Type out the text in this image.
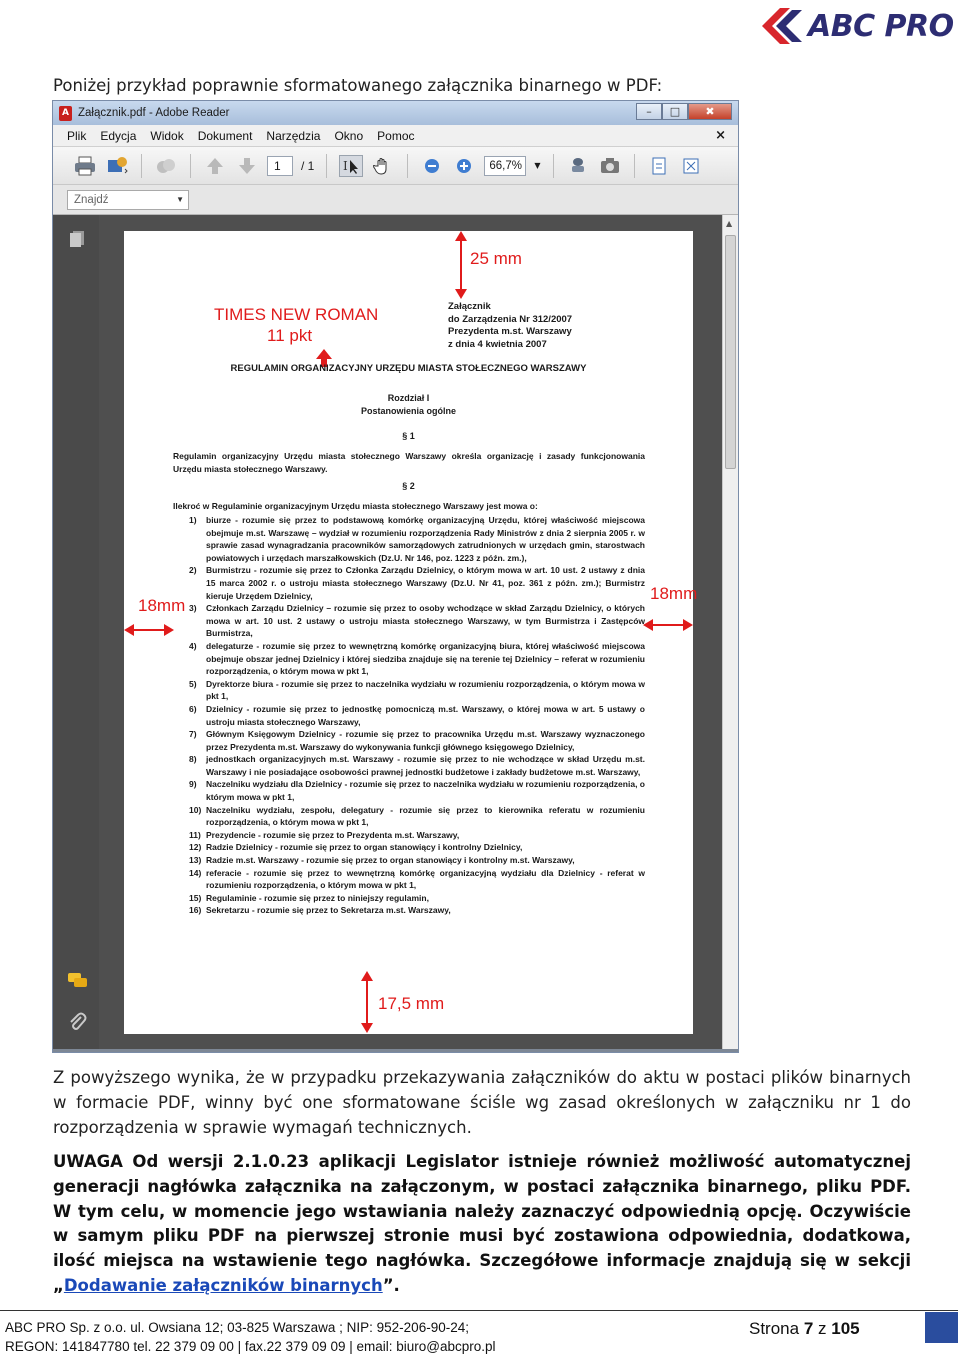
ABC PRO
Poniżej przykład poprawnie sformatowanego załącznika binarnego w PDF:
A Załącznik.pdf - Adobe Reader	–	□	✖
Plik Edycja Widok Dokument Narzędzia Okno Pomoc	×
1	/ 1 I	66,7%	▼
Znajdź	▼
▲
25 mm
TIMES NEW ROMAN
11 pkt
Załącznik
do Zarządzenia Nr 312/2007
Prezydenta m.st. Warszawy
z dnia 4 kwietnia 2007
REGULAMIN ORGANIZACYJNY URZĘDU MIASTA STOŁECZNEGO WARSZAWY
Rozdział I
Postanowienia ogólne
§ 1
Regulamin organizacyjny Urzędu miasta stołecznego Warszawy określa organizację i zasady funkcjonowania Urzędu miasta stołecznego Warszawy.
§ 2
Ilekroć w Regulaminie organizacyjnym Urzędu miasta stołecznego Warszawy jest mowa o:
1)	biurze - rozumie się przez to podstawową komórkę organizacyjną Urzędu, której właściwość miejscowa obejmuje m.st. Warszawę – wydział w rozumieniu rozporządzenia Rady Ministrów z dnia 2 sierpnia 2005 r. w sprawie zasad wynagradzania pracowników samorządowych zatrudnionych w urzędach gmin, starostwach powiatowych i urzędach marszałkowskich (Dz.U. Nr 146, poz. 1223 z późn. zm.),
2)	Burmistrzu - rozumie się przez to Członka Zarządu Dzielnicy, o którym mowa w art. 10 ust. 2 ustawy z dnia 15 marca 2002 r. o ustroju miasta stołecznego Warszawy (Dz.U. Nr 41, poz. 361 z późn. zm.); Burmistrz kieruje Urzędem Dzielnicy,
3)	Członkach Zarządu Dzielnicy – rozumie się przez to osoby wchodzące w skład Zarządu Dzielnicy, o których mowa w art. 10 ust. 2 ustawy o ustroju miasta stołecznego Warszawy, w tym Burmistrza i Zastępców Burmistrza,
4)	delegaturze - rozumie się przez to wewnętrzną komórkę organizacyjną biura, której właściwość miejscowa obejmuje obszar jednej Dzielnicy i której siedziba znajduje się na terenie tej Dzielnicy – referat w rozumieniu rozporządzenia, o którym mowa w pkt 1,
5)	Dyrektorze biura - rozumie się przez to naczelnika wydziału w rozumieniu rozporządzenia, o którym mowa w pkt 1,
6)	Dzielnicy - rozumie się przez to jednostkę pomocniczą m.st. Warszawy, o której mowa w art. 5 ustawy o ustroju miasta stołecznego Warszawy,
7)	Głównym Księgowym Dzielnicy - rozumie się przez to pracownika Urzędu m.st. Warszawy wyznaczonego przez Prezydenta m.st. Warszawy do wykonywania funkcji głównego księgowego Dzielnicy,
8)	jednostkach organizacyjnych m.st. Warszawy - rozumie się przez to nie wchodzące w skład Urzędu m.st. Warszawy i nie posiadające osobowości prawnej jednostki budżetowe i zakłady budżetowe m.st. Warszawy,
9)	Naczelniku wydziału dla Dzielnicy - rozumie się przez to naczelnika wydziału w rozumieniu rozporządzenia, o którym mowa w pkt 1,
10) Naczelniku wydziału, zespołu, delegatury - rozumie się przez to kierownika referatu w rozumieniu rozporządzenia, o którym mowa w pkt 1,
11) Prezydencie - rozumie się przez to Prezydenta m.st. Warszawy,
12) Radzie Dzielnicy - rozumie się przez to organ stanowiący i kontrolny Dzielnicy,
13) Radzie m.st. Warszawy - rozumie się przez to organ stanowiący i kontrolny m.st. Warszawy,
14) referacie - rozumie się przez to wewnętrzną komórkę organizacyjną wydziału dla Dzielnicy - referat w rozumieniu rozporządzenia, o którym mowa w pkt 1,
15) Regulaminie - rozumie się przez to niniejszy regulamin,
16) Sekretarzu - rozumie się przez to Sekretarza m.st. Warszawy,
18mm
18mm
17,5 mm
Z powyższego wynika, że w przypadku przekazywania załączników do aktu w postaci plików binarnych w formacie PDF, winny być one sformatowane ściśle wg zasad określonych w załączniku nr 1 do rozporządzenia w sprawie wymagań technicznych.
UWAGA Od wersji 2.1.0.23 aplikacji Legislator istnieje również możliwość automatycznej generacji nagłówka załącznika na załączonym, w postaci załącznika binarnego, pliku PDF. W tym celu, w momencie jego wstawiania należy zaznaczyć odpowiednią opcję. Oczywiście w samym pliku PDF na pierwszej stronie musi być zostawiona odpowiednia, dodatkowa, ilość miejsca na wstawienie tego nagłówka. Szczegółowe informacje znajdują się w sekcji „Dodawanie załączników binarnych”.
ABC PRO Sp. z o.o. ul. Owsiana 12; 03-825 Warszawa ; NIP: 952-206-90-24;
REGON: 141847780 tel. 22 379 09 00 | fax.22 379 09 09 | email: biuro@abcpro.pl
Strona 7 z 105
